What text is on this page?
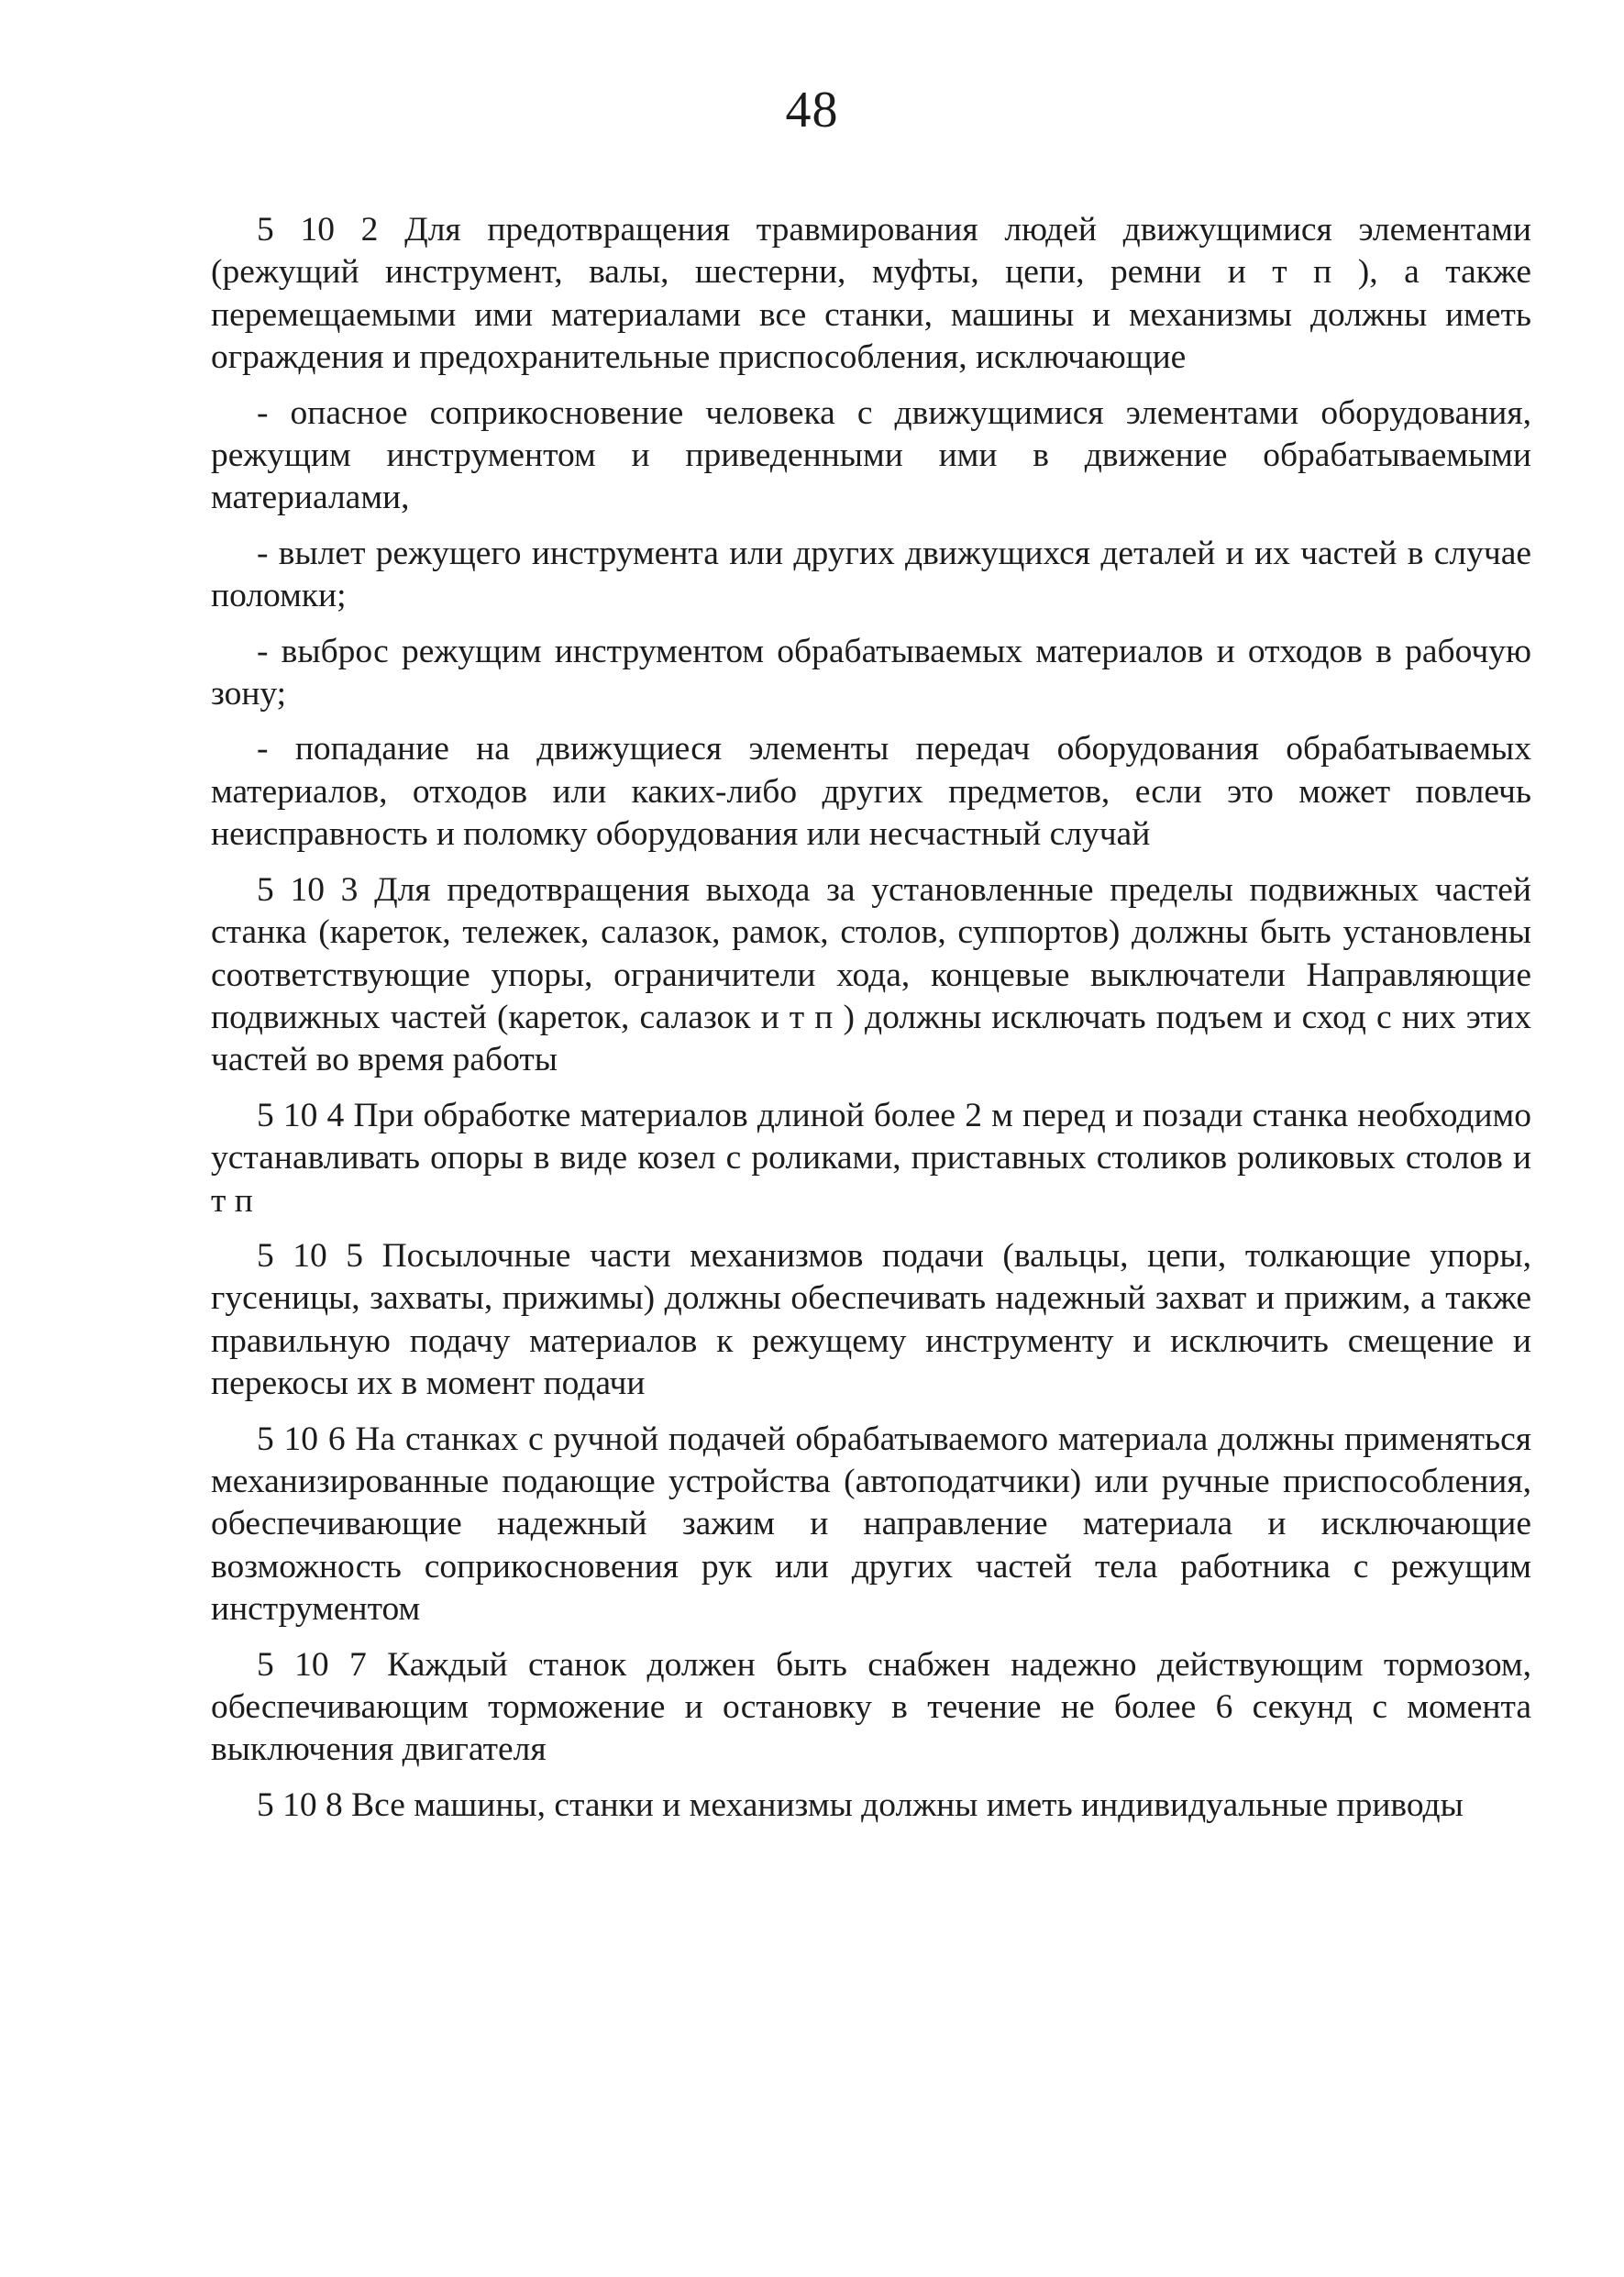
48

5 10 2 Для предотвращения травмирования людей движущимися элементами (режущий инструмент, валы, шестерни, муфты, цепи, ремни и т п ), а также перемещаемыми ими материалами все станки, машины и механизмы должны иметь ограждения и предохранительные приспособления, исключающие

- опасное соприкосновение человека с движущимися элементами оборудования, режущим инструментом и приведенными ими в движение обрабатываемыми материалами,

- вылет режущего инструмента или других движущихся деталей и их частей в случае поломки;

- выброс режущим инструментом обрабатываемых материалов и отходов в рабочую зону;

- попадание на движущиеся элементы передач оборудования обрабатываемых материалов, отходов или каких-либо других предметов, если это может повлечь неисправность и поломку оборудования или несчастный случай

5 10 3 Для предотвращения выхода за установленные пределы подвижных частей станка (кареток, тележек, салазок, рамок, столов, суппортов) должны быть установлены соответствующие упоры, ограничители хода, концевые выключатели Направляющие подвижных частей (кареток, салазок и т п ) должны исключать подъем и сход с них этих частей во время работы

5 10 4 При обработке материалов длиной более 2 м перед и позади станка необходимо устанавливать опоры в виде козел с роликами, приставных столиков роликовых столов и т п

5 10 5 Посылочные части механизмов подачи (вальцы, цепи, толкающие упоры, гусеницы, захваты, прижимы) должны обеспечивать надежный захват и прижим, а также правильную подачу материалов к режущему инструменту и исключить смещение и перекосы их в момент подачи

5 10 6 На станках с ручной подачей обрабатываемого материала должны применяться механизированные подающие устройства (автоподатчики) или ручные приспособления, обеспечивающие надежный зажим и направление материала и исключающие возможность соприкосновения рук или других частей тела работника с режущим инструментом

5 10 7 Каждый станок должен быть снабжен надежно действующим тормозом, обеспечивающим торможение и остановку в течение не более 6 секунд с момента выключения двигателя

5 10 8 Все машины, станки и механизмы должны иметь индивидуальные приводы
